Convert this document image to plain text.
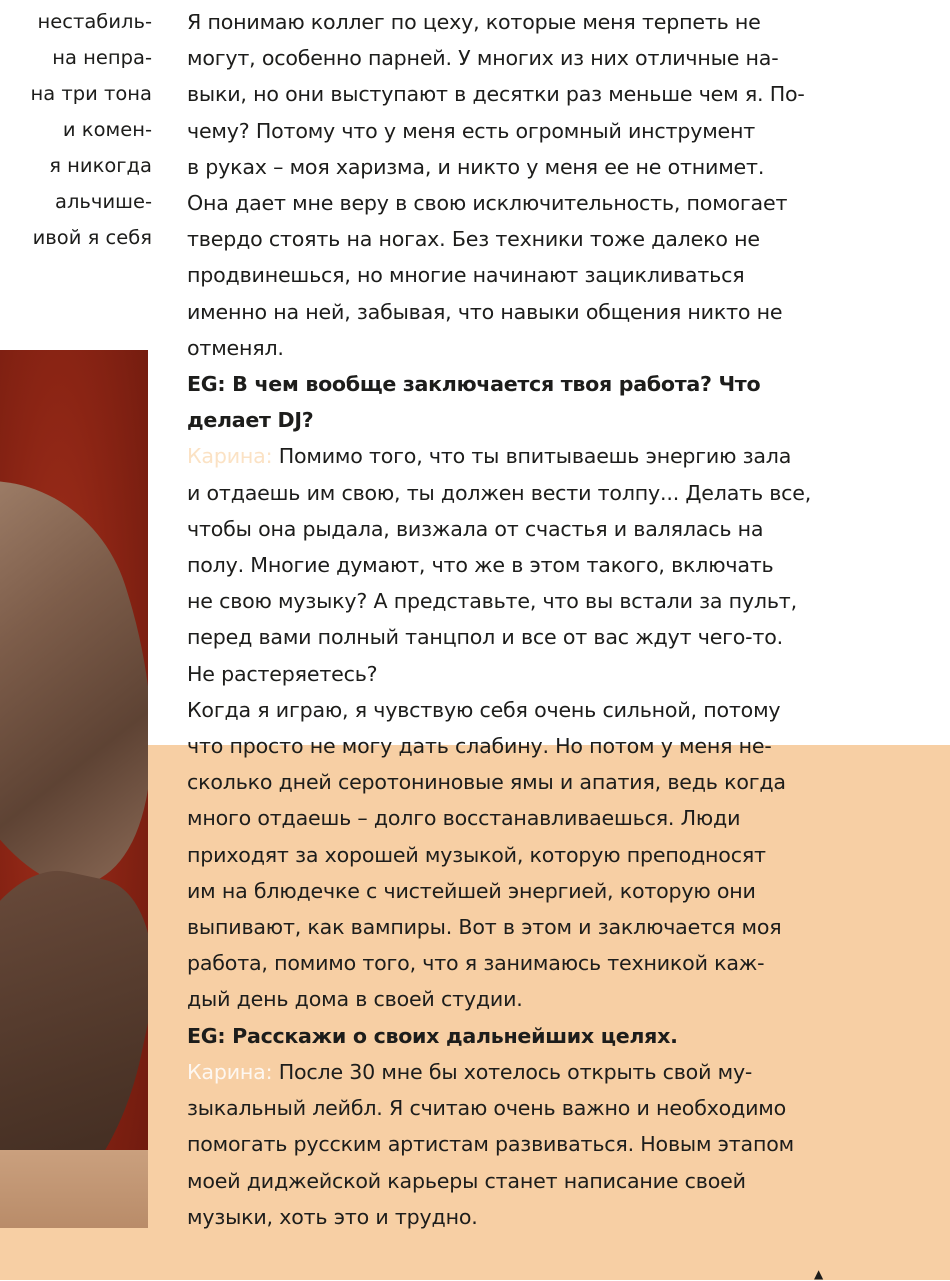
нестабиль-
на непра-
на три тона
и комен-
я никогда
альчише-
ивой я себя
Я понимаю коллег по цеху, которые меня терпеть не
могут, особенно парней. У многих из них отличные на-
выки, но они выступают в десятки раз меньше чем я. По-
чему? Потому что у меня есть огромный инструмент
в руках – моя харизма, и никто у меня ее не отнимет.
Она дает мне веру в свою исключительность, помогает
твердо стоять на ногах. Без техники тоже далеко не
продвинешься, но многие начинают зацикливаться
именно на ней, забывая, что навыки общения никто не
отменял.
EG: В чем вообще заключается твоя работа? Что
делает DJ?
Карина: Помимо того, что ты впитываешь энергию зала
и отдаешь им свою, ты должен вести толпу... Делать все,
чтобы она рыдала, визжала от счастья и валялась на
полу. Многие думают, что же в этом такого, включать
не свою музыку? А представьте, что вы встали за пульт,
перед вами полный танцпол и все от вас ждут чего-то.
Не растеряетесь?
Когда я играю, я чувствую себя очень сильной, потому
что просто не могу дать слабину. Но потом у меня не-
сколько дней серотониновые ямы и апатия, ведь когда
много отдаешь – долго восстанавливаешься. Люди
приходят за хорошей музыкой, которую преподносят
им на блюдечке с чистейшей энергией, которую они
выпивают, как вампиры. Вот в этом и заключается моя
работа, помимо того, что я занимаюсь техникой каж-
дый день дома в своей студии.
EG: Расскажи о своих дальнейших целях.
Карина: После 30 мне бы хотелось открыть свой му-
зыкальный лейбл. Я считаю очень важно и необходимо
помогать русским артистам развиваться. Новым этапом
моей диджейской карьеры станет написание своей
музыки, хоть это и трудно.
▲
